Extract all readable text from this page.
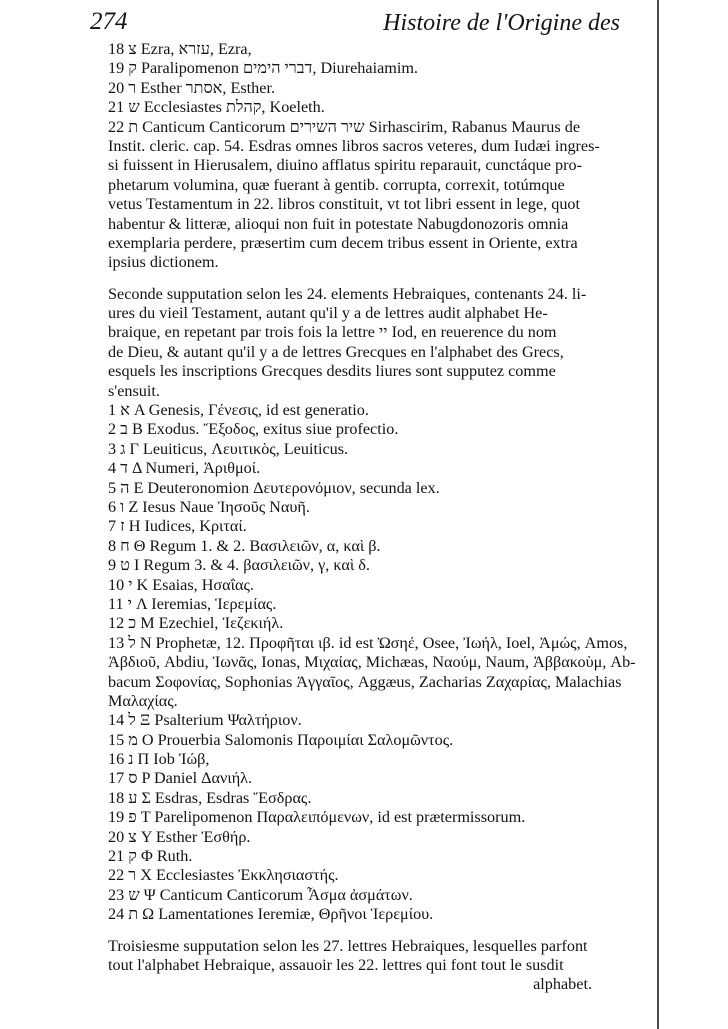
274	Histoire de l'Origine des
18 צ Ezra, עזרא, Ezra,
19 ק Paralipomenon דברי הימים, Diurehaiamim.
20 ר Esther אסתר, Esther.
21 ש Ecclesiastes קהלת, Koeleth.
22 ת Canticum Canticorum שיר השירים Sirhascirim, Rabanus Maurus de
Instit. cleric. cap. 54. Esdras omnes libros sacros veteres, dum Iudæi ingres-
si fuissent in Hierusalem, diuino afflatus spiritu reparauit, cunctáque pro-
phetarum volumina, quæ fuerant à gentib. corrupta, correxit, totúmque
vetus Testamentum in 22. libros constituit, vt tot libri essent in lege, quot
habentur & litteræ, alioqui non fuit in potestate Nabugdonozoris omnia
exemplaria perdere, præsertim cum decem tribus essent in Oriente, extra
ipsius dictionem.
Seconde supputation selon les 24. elements Hebraiques, contenants 24. li-
ures du vieil Testament, autant qu'il y a de lettres audit alphabet He-
braique, en repetant par trois fois la lettre יי Iod, en reuerence du nom
de Dieu, & autant qu'il y a de lettres Grecques en l'alphabet des Grecs,
esquels les inscriptions Grecques desdits liures sont supputez comme
s'ensuit.
1 א A Genesis, Γένεσις, id est generatio.
2 ב B Exodus. Ἔξοδος, exitus siue profectio.
3 ג Γ Leuiticus, Λευιτικὸς, Leuiticus.
4 ד Δ Numeri, Ἀριθμοί.
5 ה E Deuteronomion Δευτερονόμιον, secunda lex.
6 ו Z Iesus Naue Ἰησοῦς Ναυῆ.
7 ז H Iudices, Κριταί.
8 ח Θ Regum 1. & 2. Βασιλειῶν, α, καὶ β.
9 ט I Regum 3. & 4. βασιλειῶν, γ, καὶ δ.
10 י K Esaias, Ησαΐας.
11 י Λ Ieremias, Ἱερεμίας.
12 כ M Ezechiel, Ἰεζεκιήλ.
13 ל N Prophetæ, 12. Προφῆται ιβ. id est Ὠσηέ, Osee, Ἰωήλ, Ioel, Ἀμώς, Amos,
Ἀβδιοῦ, Abdiu, Ἰωνᾶς, Ionas, Μιχαίας, Michæas, Ναούμ, Naum, Ἀββακοὺμ, Ab-
bacum Σοφονίας, Sophonias Ἀγγαῖος, Aggæus, Zacharias Ζαχαρίας, Malachias
Μαλαχίας.
14 ל Ξ Psalterium Ψαλτήριον.
15 מ O Prouerbia Salomonis Παροιμίαι Σαλομῶντος.
16 נ Π Iob Ἰώβ,
17 ס P Daniel Δανιήλ.
18 ע Σ Esdras, Esdras Ἔσδρας.
19 פ T Parelipomenon Παραλειπόμενων, id est prætermissorum.
20 צ Υ Esther Ἐσθήρ.
21 ק Φ Ruth.
22 ר X Ecclesiastes Ἐκκλησιαστής.
23 ש Ψ Canticum Canticorum Ἆσμα ἀσμάτων.
24 ת Ω Lamentationes Ieremiæ, Θρῆνοι Ἱερεμίου.
Troisiesme supputation selon les 27. lettres Hebraiques, lesquelles parfont
tout l'alphabet Hebraique, assauoir les 22. lettres qui font tout le susdit
alphabet.
